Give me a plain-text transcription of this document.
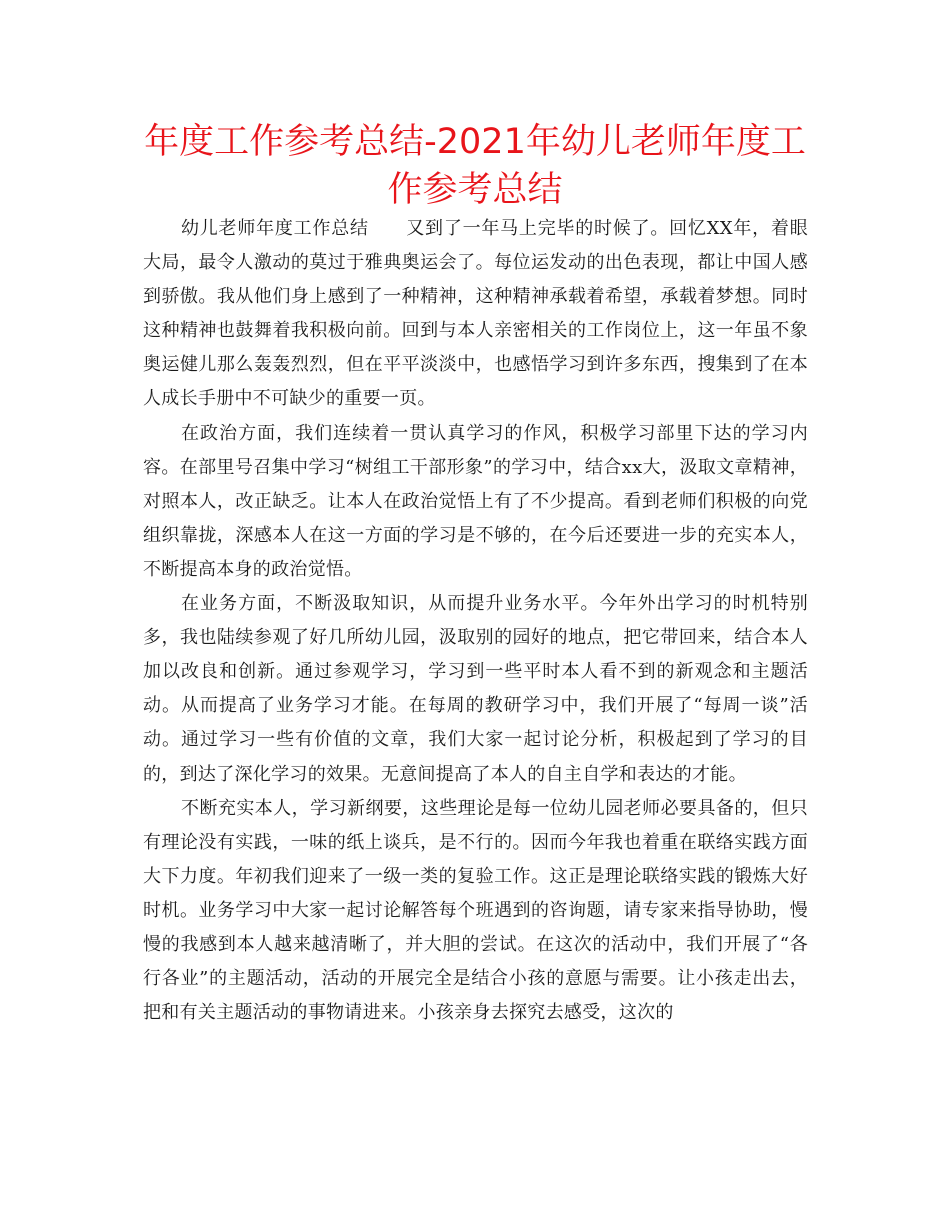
年度工作参考总结-2021年幼儿老师年度工作参考总结

幼儿老师年度工作总结　　又到了一年马上完毕的时候了。回忆XX年，着眼大局，最令人激动的莫过于雅典奥运会了。每位运发动的出色表现，都让中国人感到骄傲。我从他们身上感到了一种精神，这种精神承载着希望，承载着梦想。同时这种精神也鼓舞着我积极向前。回到与本人亲密相关的工作岗位上，这一年虽不象奥运健儿那么轰轰烈烈，但在平平淡淡中，也感悟学习到许多东西，搜集到了在本人成长手册中不可缺少的重要一页。

在政治方面，我们连续着一贯认真学习的作风，积极学习部里下达的学习内容。在部里号召集中学习“树组工干部形象”的学习中，结合xx大，汲取文章精神，对照本人，改正缺乏。让本人在政治觉悟上有了不少提高。看到老师们积极的向党组织靠拢，深感本人在这一方面的学习是不够的，在今后还要进一步的充实本人，不断提高本身的政治觉悟。

在业务方面，不断汲取知识，从而提升业务水平。今年外出学习的时机特别多，我也陆续参观了好几所幼儿园，汲取别的园好的地点，把它带回来，结合本人加以改良和创新。通过参观学习，学习到一些平时本人看不到的新观念和主题活动。从而提高了业务学习才能。在每周的教研学习中，我们开展了“每周一谈”活动。通过学习一些有价值的文章，我们大家一起讨论分析，积极起到了学习的目的，到达了深化学习的效果。无意间提高了本人的自主自学和表达的才能。

不断充实本人，学习新纲要，这些理论是每一位幼儿园老师必要具备的，但只有理论没有实践，一味的纸上谈兵，是不行的。因而今年我也着重在联络实践方面大下力度。年初我们迎来了一级一类的复验工作。这正是理论联络实践的锻炼大好时机。业务学习中大家一起讨论解答每个班遇到的咨询题，请专家来指导协助，慢慢的我感到本人越来越清晰了，并大胆的尝试。在这次的活动中，我们开展了“各行各业”的主题活动，活动的开展完全是结合小孩的意愿与需要。让小孩走出去，把和有关主题活动的事物请进来。小孩亲身去探究去感受，这次的
